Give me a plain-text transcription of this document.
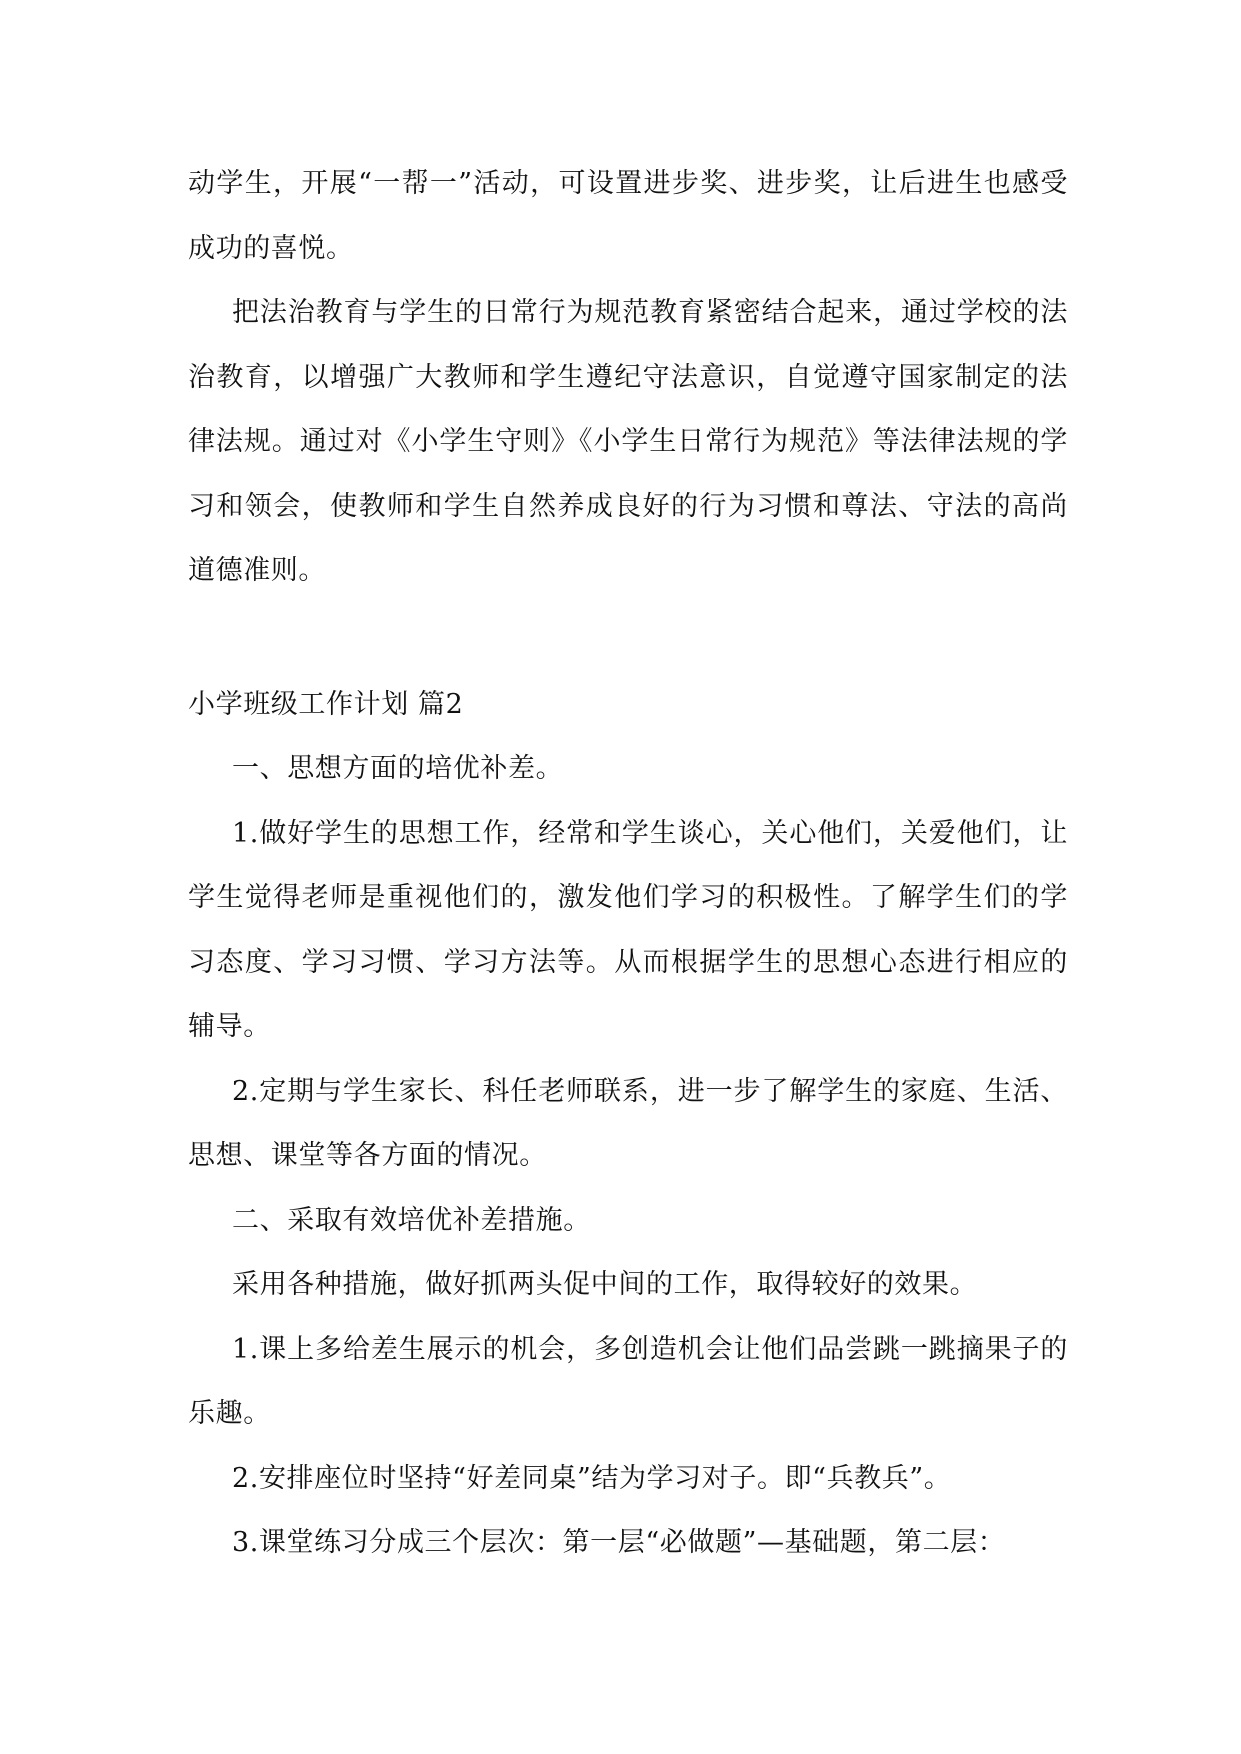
动学生，开展“一帮一”活动，可设置进步奖、进步奖，让后进生也感受成功的喜悦。

把法治教育与学生的日常行为规范教育紧密结合起来，通过学校的法治教育，以增强广大教师和学生遵纪守法意识，自觉遵守国家制定的法律法规。通过对《小学生守则》《小学生日常行为规范》等法律法规的学习和领会，使教师和学生自然养成良好的行为习惯和尊法、守法的高尚道德准则。

小学班级工作计划 篇2

一、思想方面的培优补差。

1.做好学生的思想工作，经常和学生谈心，关心他们，关爱他们，让学生觉得老师是重视他们的，激发他们学习的积极性。了解学生们的学习态度、学习习惯、学习方法等。从而根据学生的思想心态进行相应的辅导。

2.定期与学生家长、科任老师联系，进一步了解学生的家庭、生活、思想、课堂等各方面的情况。

二、采取有效培优补差措施。

采用各种措施，做好抓两头促中间的工作，取得较好的效果。

1.课上多给差生展示的机会，多创造机会让他们品尝跳一跳摘果子的乐趣。

2.安排座位时坚持“好差同桌”结为学习对子。即“兵教兵”。

3.课堂练习分成三个层次：第一层“必做题”—基础题，第二层：
